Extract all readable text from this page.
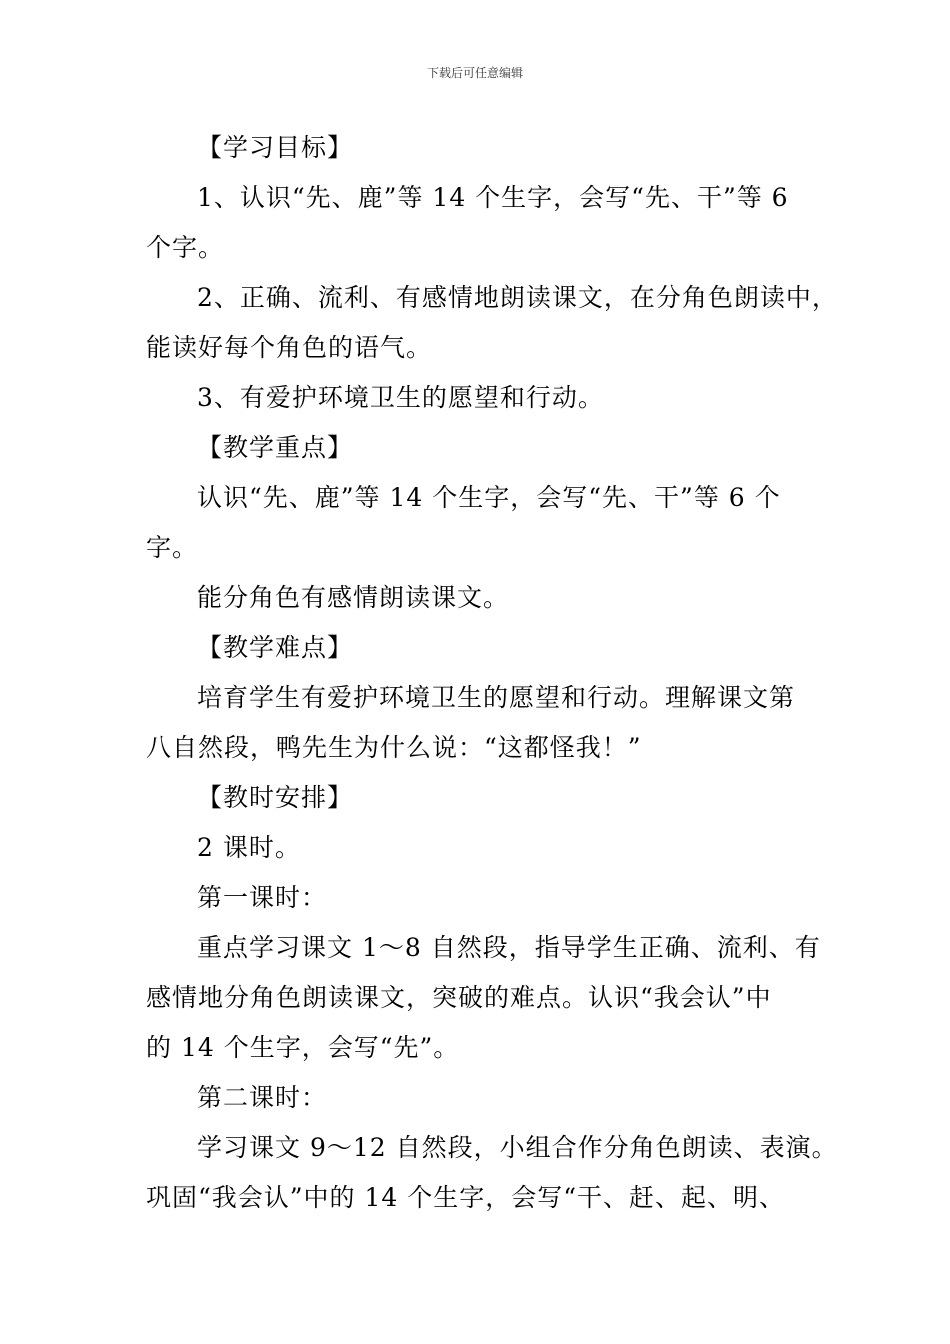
下载后可任意编辑
【学习目标】
1、认识“先、鹿”等 14 个生字，会写“先、干”等 6
个字。
2、正确、流利、有感情地朗读课文，在分角色朗读中，
能读好每个角色的语气。
3、有爱护环境卫生的愿望和行动。
【教学重点】
认识“先、鹿”等 14 个生字，会写“先、干”等 6 个
字。
能分角色有感情朗读课文。
【教学难点】
培育学生有爱护环境卫生的愿望和行动。理解课文第
八自然段，鸭先生为什么说：“这都怪我！”
【教时安排】
2 课时。
第一课时：
重点学习课文 1～8 自然段，指导学生正确、流利、有
感情地分角色朗读课文，突破的难点。认识“我会认”中
的 14 个生字，会写“先”。
第二课时：
学习课文 9～12 自然段，小组合作分角色朗读、表演。
巩固“我会认”中的 14 个生字，会写“干、赶、起、明、
